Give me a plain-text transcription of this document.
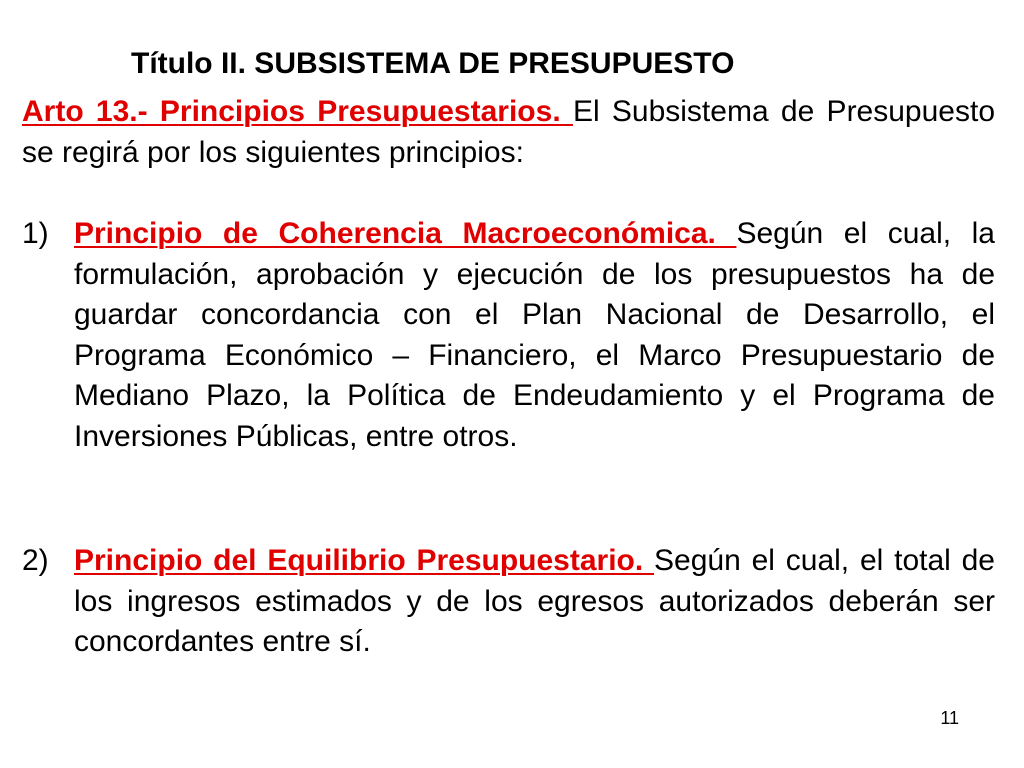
Título II. SUBSISTEMA DE PRESUPUESTO
Arto 13.- Principios Presupuestarios. El Subsistema de Presupuesto se regirá por los siguientes principios:
1) Principio de Coherencia Macroeconómica. Según el cual, la formulación, aprobación y ejecución de los presupuestos ha de guardar concordancia con el Plan Nacional de Desarrollo, el Programa Económico – Financiero, el Marco Presupuestario de Mediano Plazo, la Política de Endeudamiento y el Programa de Inversiones Públicas, entre otros.
2) Principio del Equilibrio Presupuestario. Según el cual, el total de los ingresos estimados y de los egresos autorizados deberán ser concordantes entre sí.
11
